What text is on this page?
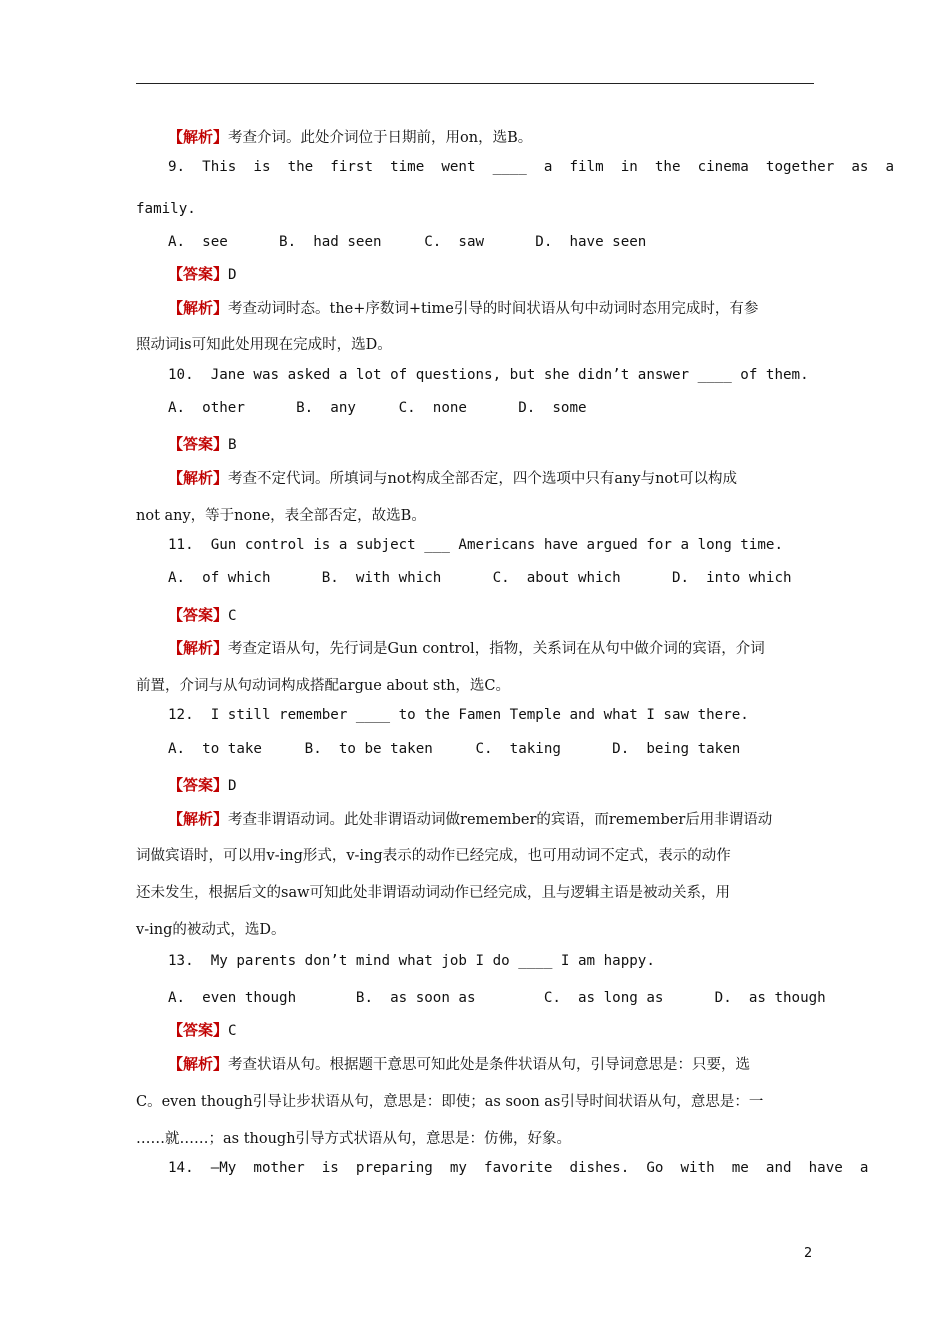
【解析】考查介词。此处介词位于日期前，用on，选B。
9.  This  is  the  first  time  went  ____  a  film  in  the  cinema  together  as  a
family.
A.  see      B.  had seen     C.  saw      D.  have seen
【答案】D
【解析】考查动词时态。the+序数词+time引导的时间状语从句中动词时态用完成时，有参
照动词is可知此处用现在完成时，选D。
10.  Jane was asked a lot of questions, but she didn’t answer ____ of them.
A.  other      B.  any     C.  none      D.  some
【答案】B
【解析】考查不定代词。所填词与not构成全部否定，四个选项中只有any与not可以构成
not any，等于none，表全部否定，故选B。
11.  Gun control is a subject ___ Americans have argued for a long time.
A.  of which      B.  with which      C.  about which      D.  into which
【答案】C
【解析】考查定语从句，先行词是Gun control，指物，关系词在从句中做介词的宾语，介词
前置，介词与从句动词构成搭配argue about sth，选C。
12.  I still remember ____ to the Famen Temple and what I saw there.
A.  to take     B.  to be taken     C.  taking      D.  being taken
【答案】D
【解析】考查非谓语动词。此处非谓语动词做remember的宾语，而remember后用非谓语动
词做宾语时，可以用v-ing形式，v-ing表示的动作已经完成，也可用动词不定式，表示的动作
还未发生，根据后文的saw可知此处非谓语动词动作已经完成，且与逻辑主语是被动关系，用
v-ing的被动式，选D。
13.  My parents don’t mind what job I do ____ I am happy.
A.  even though       B.  as soon as        C.  as long as      D.  as though
【答案】C
【解析】考查状语从句。根据题干意思可知此处是条件状语从句，引导词意思是：只要，选
C。even though引导让步状语从句，意思是：即使；as soon as引导时间状语从句，意思是：一
……就……；as though引导方式状语从句，意思是：仿佛，好象。
14.  —My  mother  is  preparing  my  favorite  dishes.  Go  with  me  and  have  a
2
